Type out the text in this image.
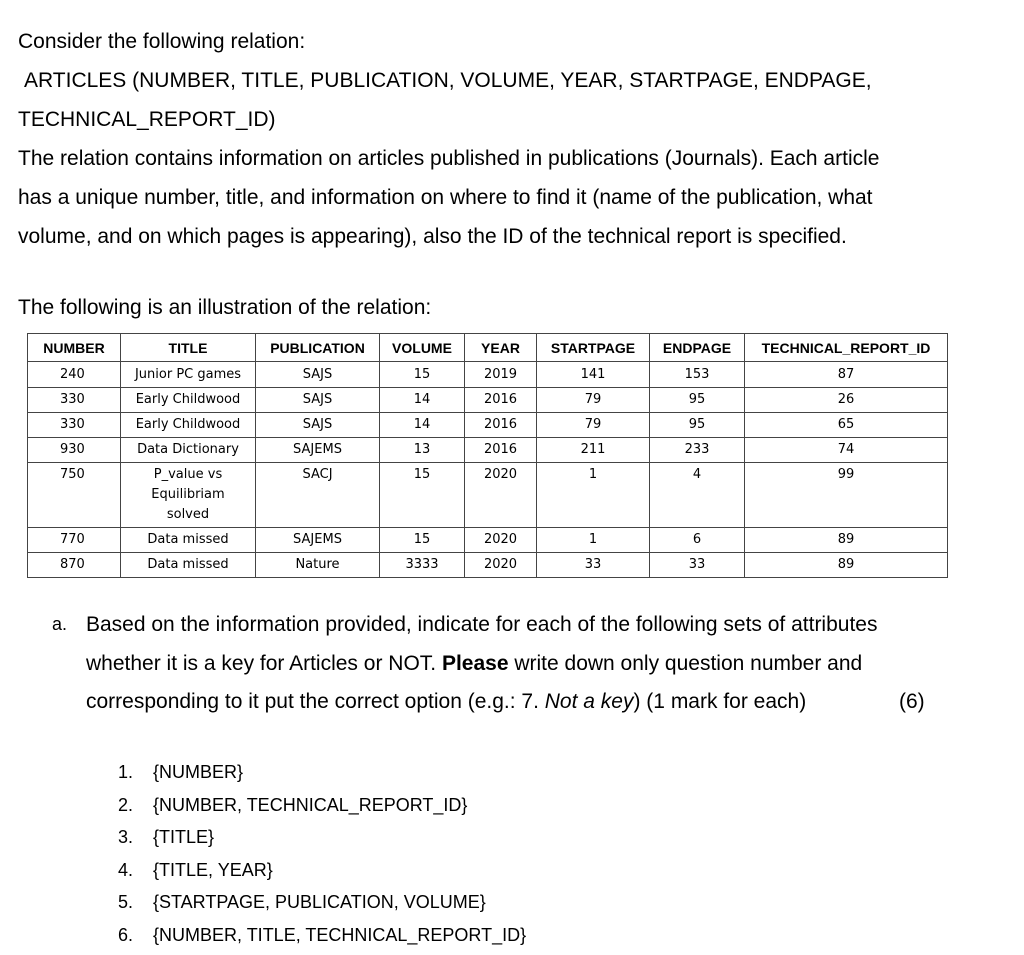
Consider the following relation:
ARTICLES (NUMBER, TITLE, PUBLICATION, VOLUME, YEAR, STARTPAGE, ENDPAGE,
TECHNICAL_REPORT_ID)
The relation contains information on articles published in publications (Journals). Each article
has a unique number, title, and information on where to find it (name of the publication, what
volume, and on which pages is appearing), also the ID of the technical report is specified.
The following is an illustration of the relation:
NUMBER	TITLE	PUBLICATION	VOLUME	YEAR	STARTPAGE	ENDPAGE	TECHNICAL_REPORT_ID
240	Junior PC games	SAJS	15	2019	141	153	87
330	Early Childwood	SAJS	14	2016	79	95	26
330	Early Childwood	SAJS	14	2016	79	95	65
930	Data Dictionary	SAJEMS	13	2016	211	233	74
750	P_value vs Equilibriam solved	SACJ	15	2020	1	4	99
770	Data missed	SAJEMS	15	2020	1	6	89
870	Data missed	Nature	3333	2020	33	33	89
a. Based on the information provided, indicate for each of the following sets of attributes
whether it is a key for Articles or NOT. Please write down only question number and
corresponding to it put the correct option (e.g.: 7. Not a key) (1 mark for each)	(6)
1. {NUMBER}
2. {NUMBER, TECHNICAL_REPORT_ID}
3. {TITLE}
4. {TITLE, YEAR}
5. {STARTPAGE, PUBLICATION, VOLUME}
6. {NUMBER, TITLE, TECHNICAL_REPORT_ID}
